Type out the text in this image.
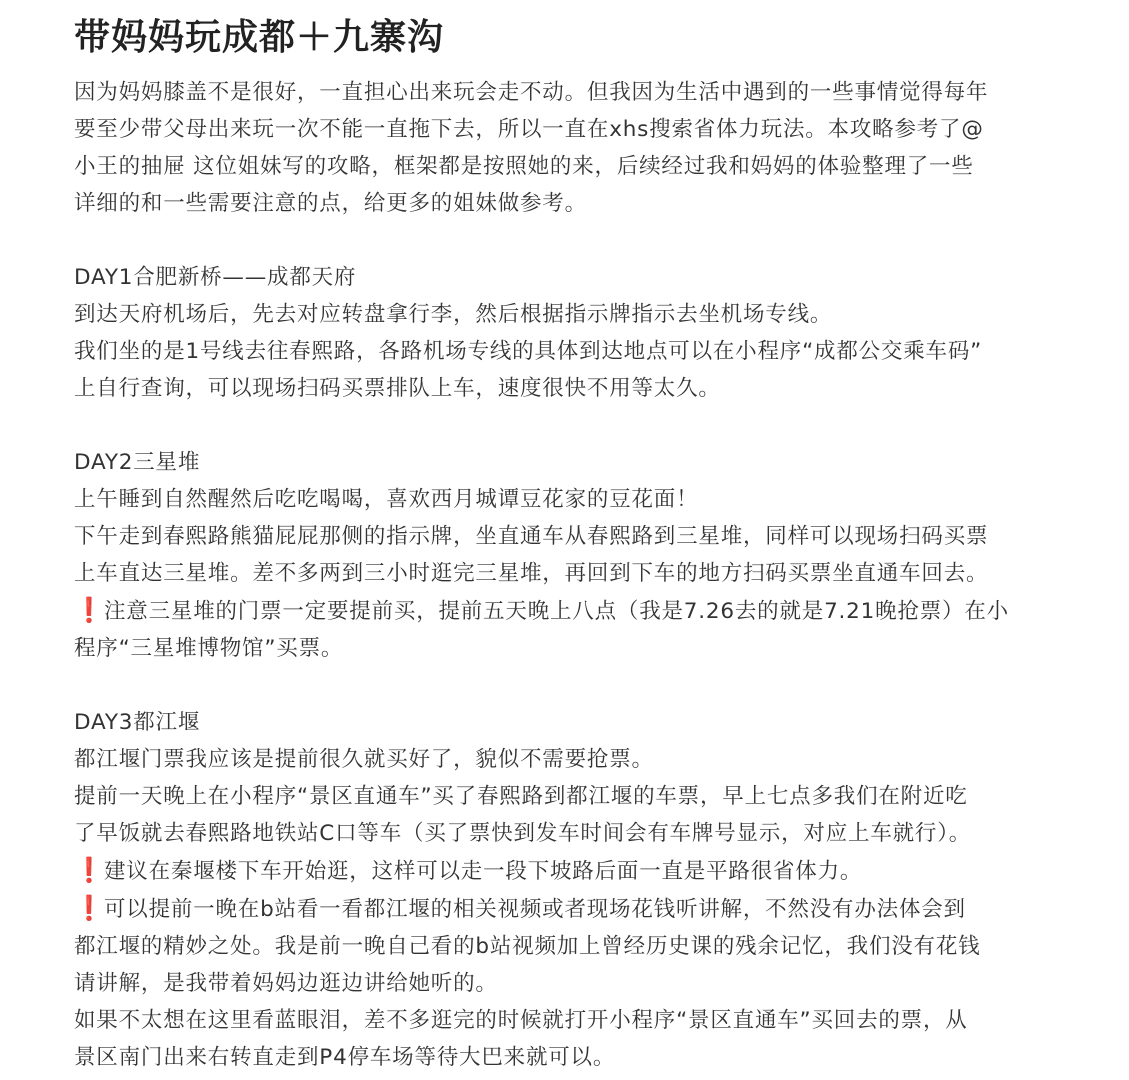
带妈妈玩成都＋九寨沟

因为妈妈膝盖不是很好，一直担心出来玩会走不动。但我因为生活中遇到的一些事情觉得每年

要至少带父母出来玩一次不能一直拖下去，所以一直在xhs搜索省体力玩法。本攻略参考了@

小王的抽屉 这位姐妹写的攻略，框架都是按照她的来，后续经过我和妈妈的体验整理了一些

详细的和一些需要注意的点，给更多的姐妹做参考。

DAY1合肥新桥——成都天府

到达天府机场后，先去对应转盘拿行李，然后根据指示牌指示去坐机场专线。

我们坐的是1号线去往春熙路，各路机场专线的具体到达地点可以在小程序“成都公交乘车码”

上自行查询，可以现场扫码买票排队上车，速度很快不用等太久。

DAY2三星堆

上午睡到自然醒然后吃吃喝喝，喜欢西月城谭豆花家的豆花面！

下午走到春熙路熊猫屁屁那侧的指示牌，坐直通车从春熙路到三星堆，同样可以现场扫码买票

上车直达三星堆。差不多两到三小时逛完三星堆，再回到下车的地方扫码买票坐直通车回去。

❗注意三星堆的门票一定要提前买，提前五天晚上八点（我是7.26去的就是7.21晚抢票）在小

程序“三星堆博物馆”买票。

DAY3都江堰

都江堰门票我应该是提前很久就买好了，貌似不需要抢票。

提前一天晚上在小程序“景区直通车”买了春熙路到都江堰的车票，早上七点多我们在附近吃

了早饭就去春熙路地铁站C口等车（买了票快到发车时间会有车牌号显示，对应上车就行）。

❗建议在秦堰楼下车开始逛，这样可以走一段下坡路后面一直是平路很省体力。

❗可以提前一晚在b站看一看都江堰的相关视频或者现场花钱听讲解，不然没有办法体会到

都江堰的精妙之处。我是前一晚自己看的b站视频加上曾经历史课的残余记忆，我们没有花钱

请讲解，是我带着妈妈边逛边讲给她听的。

如果不太想在这里看蓝眼泪，差不多逛完的时候就打开小程序“景区直通车”买回去的票，从

景区南门出来右转直走到P4停车场等待大巴来就可以。
